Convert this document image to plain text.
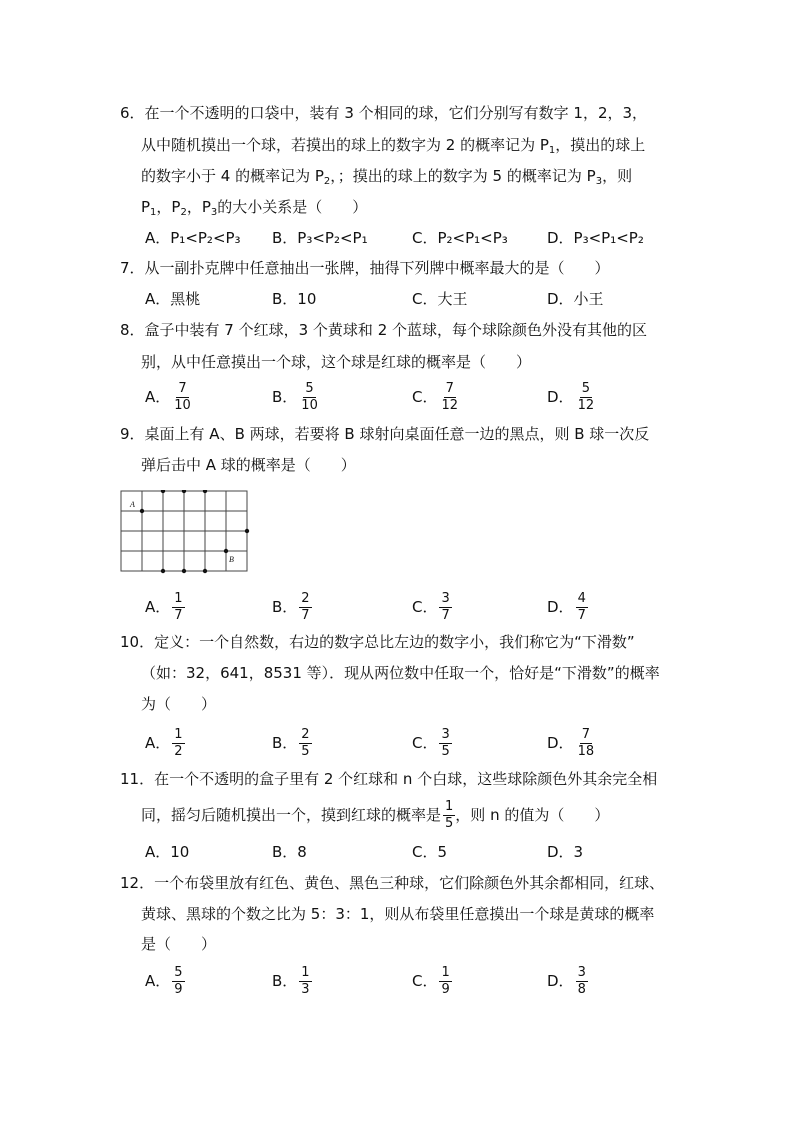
6．在一个不透明的口袋中，装有 3 个相同的球，它们分别写有数字 1，2，3，
从中随机摸出一个球，若摸出的球上的数字为 2 的概率记为 $P_1$，摸出的球上
的数字小于 4 的概率记为 $P_2$，；摸出的球上的数字为 5 的概率记为 $P_3$，则
$P_1$，$P_2$，$P_3$的大小关系是（　　）
A．P₁<P₂<P₃ B．P₃<P₂<P₁	C．P₂<P₁<P₃	D．P₃<P₁<P₂
7．从一副扑克牌中任意抽出一张牌，抽得下列牌中概率最大的是（　　）
A．黑桃	B．10	C．大王	D．小王
8．盒子中装有 7 个红球，3 个黄球和 2 个蓝球，每个球除颜色外没有其他的区
别，从中任意摸出一个球，这个球是红球的概率是（　　）
A． $\frac{7}{10}$	B． $\frac{5}{10}$	C． $\frac{7}{12}$	D． $\frac{5}{12}$
9．桌面上有 A、B 两球，若要将 B 球射向桌面任意一边的黑点，则 B 球一次反
弹后击中 A 球的概率是（　　）
A
B
A． $\frac{1}{7}$	B． $\frac{2}{7}$	C． $\frac{3}{7}$	D． $\frac{4}{7}$
10．定义：一个自然数，右边的数字总比左边的数字小，我们称它为“下滑数”
（如：32，641，8531 等）．现从两位数中任取一个，恰好是“下滑数”的概率
为（　　）
A． $\frac{1}{2}$	B． $\frac{2}{5}$	C． $\frac{3}{5}$	D． $\frac{7}{18}$
11．在一个不透明的盒子里有 2 个红球和 n 个白球，这些球除颜色外其余完全相
同，摇匀后随机摸出一个，摸到红球的概率是 $\frac{1}{5}$ ，则 n 的值为（　　）
A．10	B．8	C．5	D．3
12．一个布袋里放有红色、黄色、黑色三种球，它们除颜色外其余都相同，红球、
黄球、黑球的个数之比为 5：3：1，则从布袋里任意摸出一个球是黄球的概率
是（　　）
A． $\frac{5}{9}$	B． $\frac{1}{3}$	C． $\frac{1}{9}$	D． $\frac{3}{8}$
